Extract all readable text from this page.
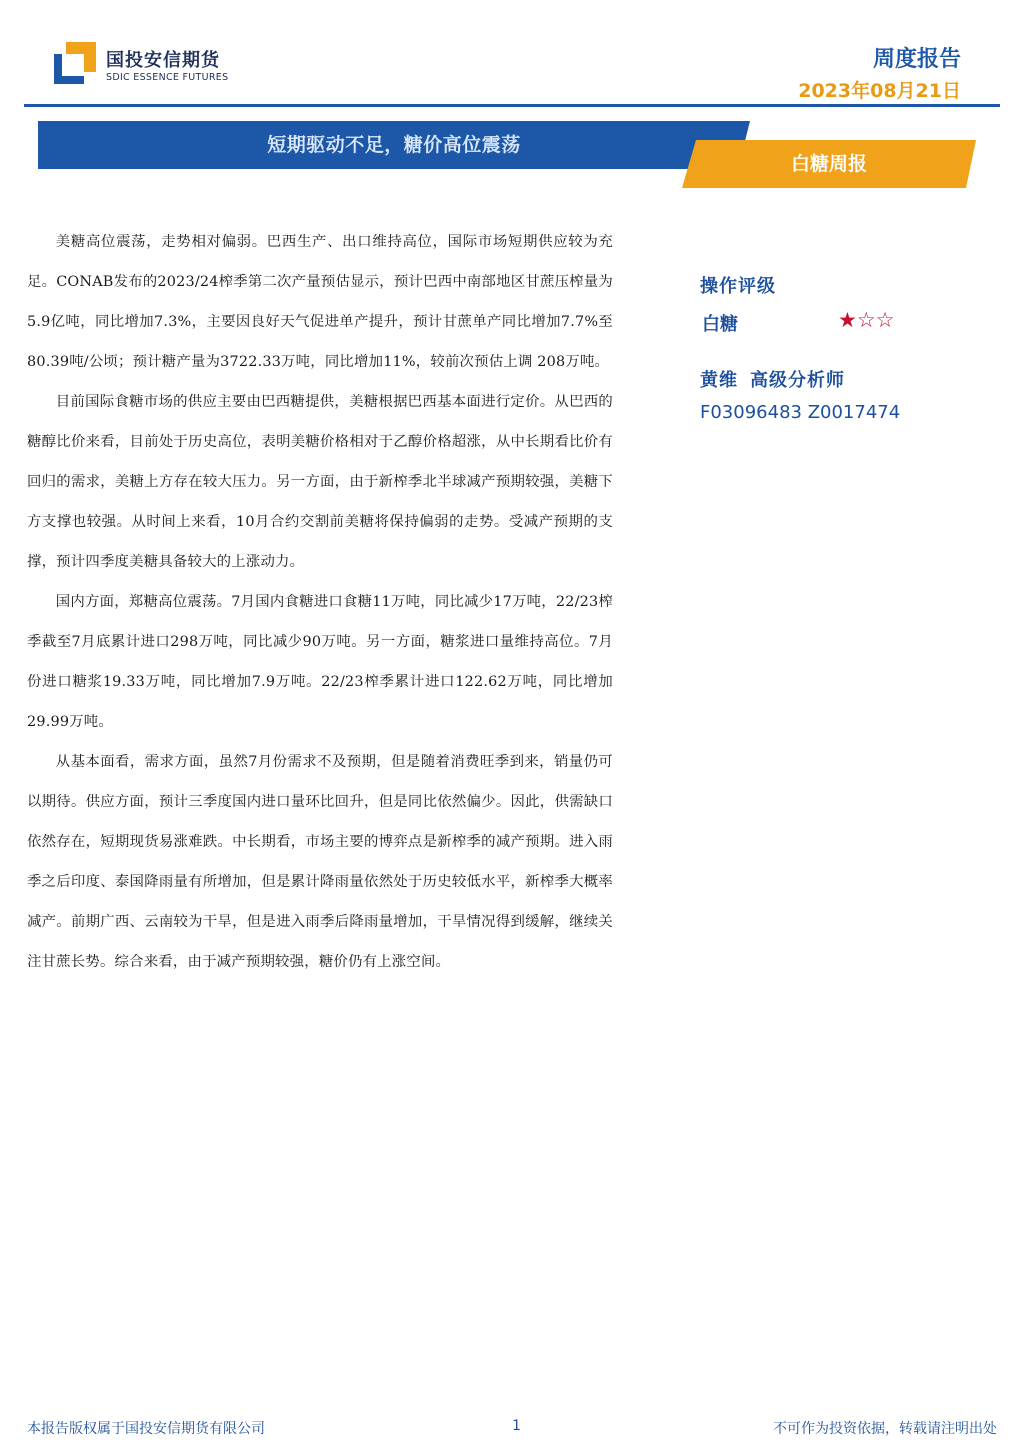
国投安信期货
SDIC ESSENCE FUTURES
周度报告
2023年08月21日
短期驱动不足，糖价高位震荡
白糖周报

美糖高位震荡，走势相对偏弱。巴西生产、出口维持高位，国际市场短期供应较为充足。CONAB发布的2023/24榨季第二次产量预估显示，预计巴西中南部地区甘蔗压榨量为5.9亿吨，同比增加7.3%，主要因良好天气促进单产提升，预计甘蔗单产同比增加7.7%至80.39吨/公顷；预计糖产量为3722.33万吨，同比增加11%，较前次预估上调 208万吨。

目前国际食糖市场的供应主要由巴西糖提供，美糖根据巴西基本面进行定价。从巴西的糖醇比价来看，目前处于历史高位，表明美糖价格相对于乙醇价格超涨，从中长期看比价有回归的需求，美糖上方存在较大压力。另一方面，由于新榨季北半球减产预期较强，美糖下方支撑也较强。从时间上来看，10月合约交割前美糖将保持偏弱的走势。受减产预期的支撑，预计四季度美糖具备较大的上涨动力。

国内方面，郑糖高位震荡。7月国内食糖进口食糖11万吨，同比减少17万吨，22/23榨季截至7月底累计进口298万吨，同比减少90万吨。另一方面，糖浆进口量维持高位。7月份进口糖浆19.33万吨，同比增加7.9万吨。22/23榨季累计进口122.62万吨，同比增加29.99万吨。

从基本面看，需求方面，虽然7月份需求不及预期，但是随着消费旺季到来，销量仍可以期待。供应方面，预计三季度国内进口量环比回升，但是同比依然偏少。因此，供需缺口依然存在，短期现货易涨难跌。中长期看，市场主要的博弈点是新榨季的减产预期。进入雨季之后印度、泰国降雨量有所增加，但是累计降雨量依然处于历史较低水平，新榨季大概率减产。前期广西、云南较为干旱，但是进入雨季后降雨量增加，干旱情况得到缓解，继续关注甘蔗长势。综合来看，由于减产预期较强，糖价仍有上涨空间。

操作评级
白糖	★☆☆
黄维 高级分析师
F03096483 Z0017474
本报告版权属于国投安信期货有限公司	1	不可作为投资依据，转载请注明出处
